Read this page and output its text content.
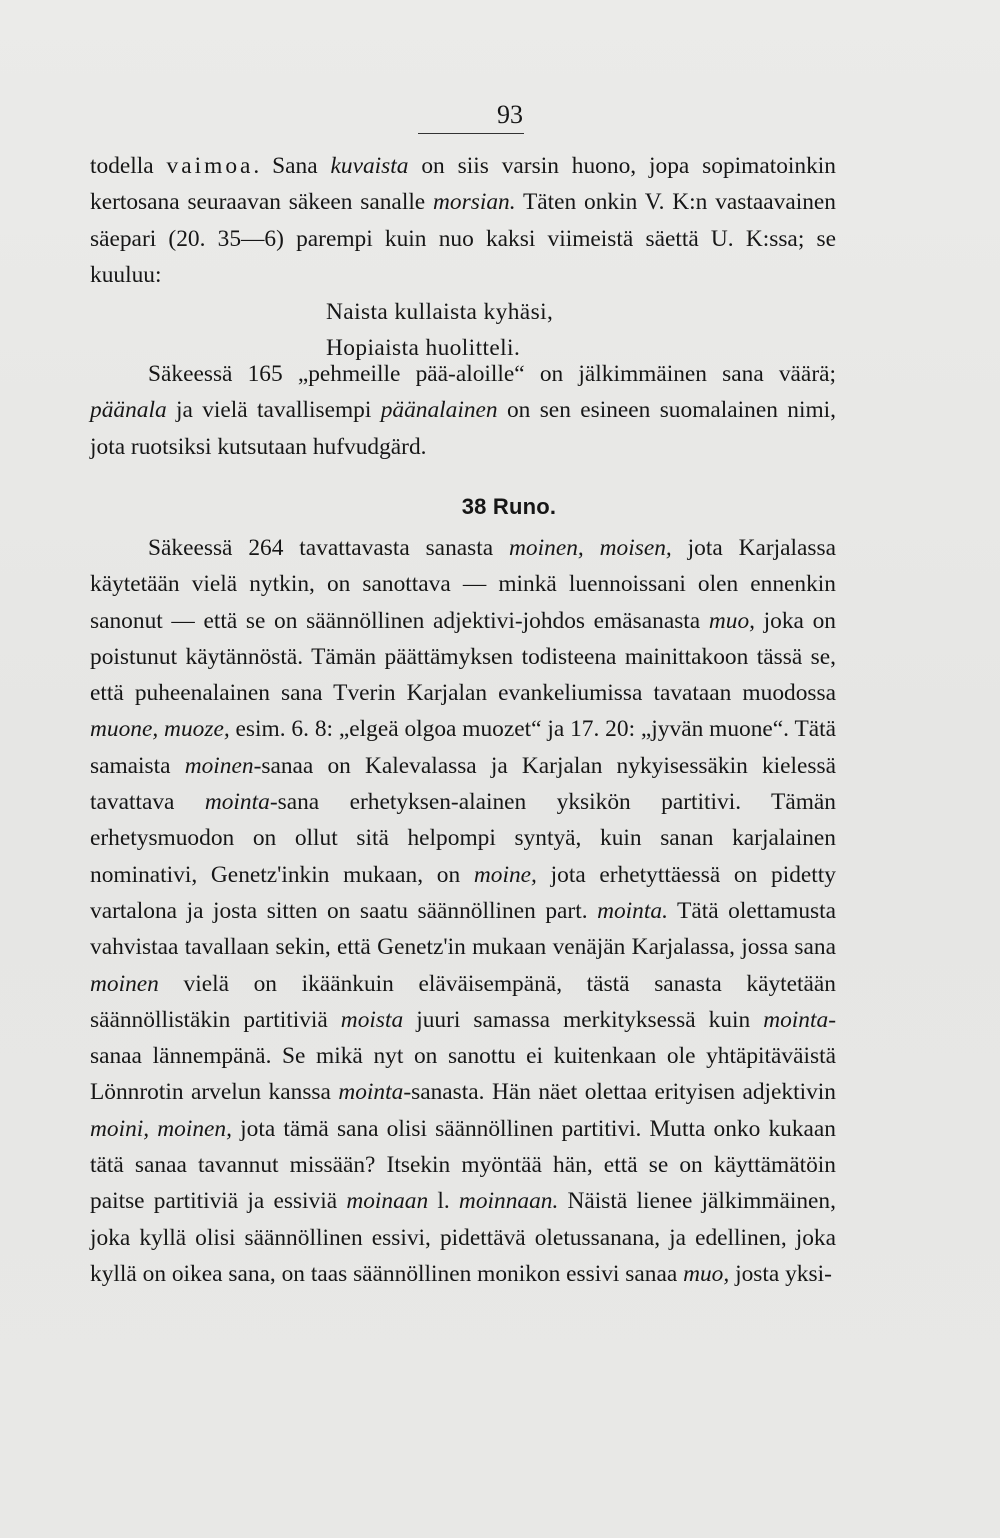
93
todella vaimoa. Sana kuvaista on siis varsin huono, jopa sopimatoinkin kertosana seuraavan säkeen sanalle morsian. Täten onkin V. K:n vastaavainen säepari (20. 35—6) parempi kuin nuo kaksi viimeistä säettä U. K:ssa; se kuuluu:
Naista kullaista kyhäsi,
Hopiaista huolitteli.
Säkeessä 165 „pehmeille pää-aloille“ on jälkimmäinen sana väärä; päänala ja vielä tavallisempi päänalainen on sen esineen suomalainen nimi, jota ruotsiksi kutsutaan hufvudgärd.
38 Runo.
Säkeessä 264 tavattavasta sanasta moinen, moisen, jota Karjalassa käytetään vielä nytkin, on sanottava — minkä luennoissani olen ennenkin sanonut — että se on säännöllinen adjektivi-johdos emäsanasta muo, joka on poistunut käytännöstä. Tämän päättämyksen todisteena mainittakoon tässä se, että puheenalainen sana Tverin Karjalan evankeliumissa tavataan muodossa muone, muoze, esim. 6. 8: „elgeä olgoa muozet“ ja 17. 20: „jyvän muone“. Tätä samaista moinen-sanaa on Kalevalassa ja Karjalan nykyisessäkin kielessä tavattava mointa-sana erhetyksen-alainen yksikön partitivi. Tämän erhetysmuodon on ollut sitä helpompi syntyä, kuin sanan karjalainen nominativi, Genetz'inkin mukaan, on moine, jota erhetyttäessä on pidetty vartalona ja josta sitten on saatu säännöllinen part. mointa. Tätä olettamusta vahvistaa tavallaan sekin, että Genetz'in mukaan venäjän Karjalassa, jossa sana moinen vielä on ikäänkuin eläväisempänä, tästä sanasta käytetään säännöllistäkin partitiviä moista juuri samassa merkityksessä kuin mointa-sanaa lännempänä. Se mikä nyt on sanottu ei kuitenkaan ole yhtäpitäväistä Lönnrotin arvelun kanssa mointa-sanasta. Hän näet olettaa erityisen adjektivin moini, moinen, jota tämä sana olisi säännöllinen partitivi. Mutta onko kukaan tätä sanaa tavannut missään? Itsekin myöntää hän, että se on käyttämätöin paitse partitiviä ja essiviä moinaan l. moinnaan. Näistä lienee jälkimmäinen, joka kyllä olisi säännöllinen essivi, pidettävä oletussanana, ja edellinen, joka kyllä on oikea sana, on taas säännöllinen monikon essivi sanaa muo, josta yksi-
